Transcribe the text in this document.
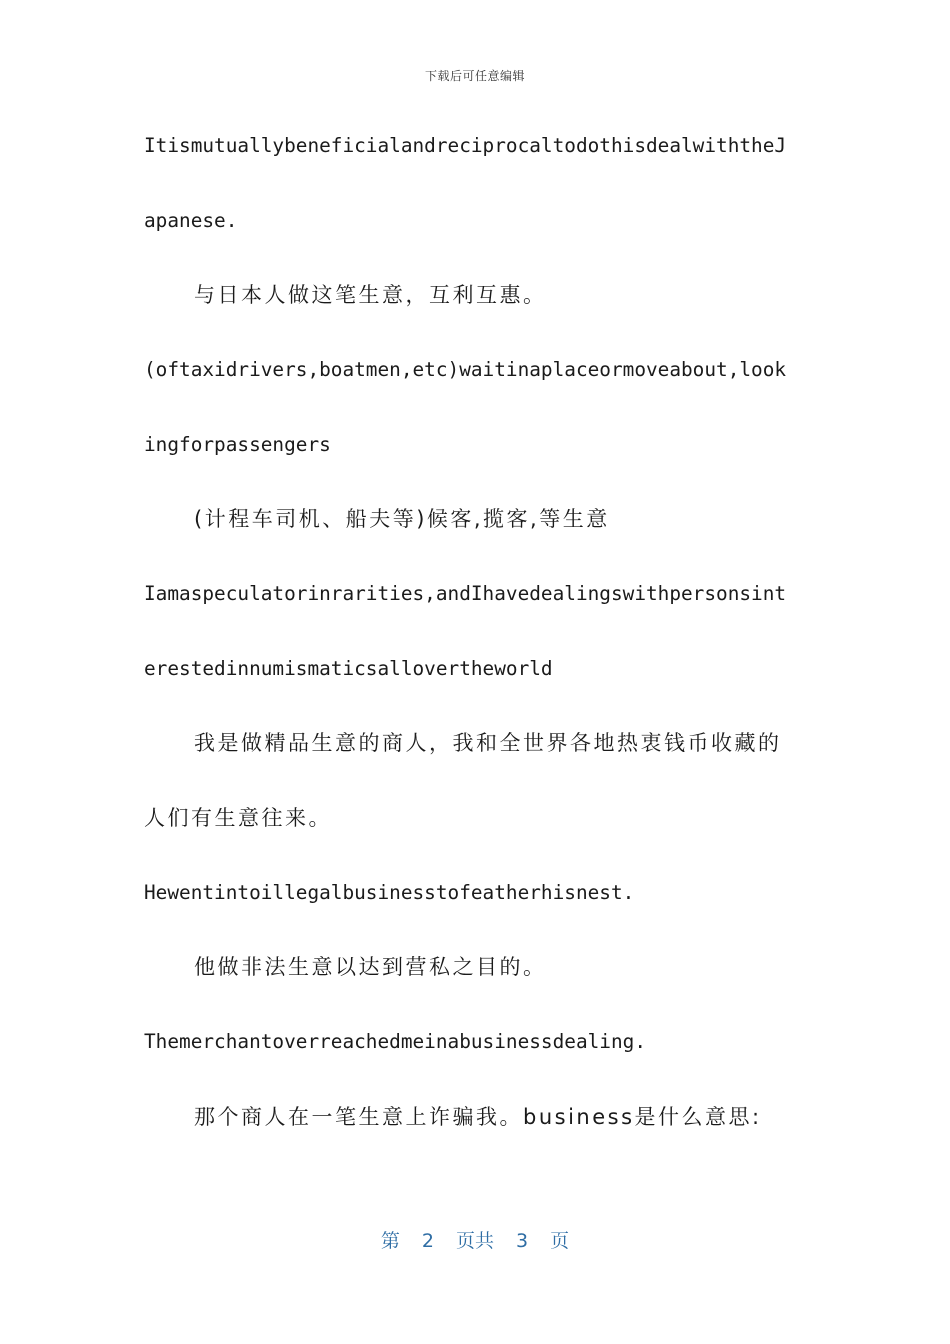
下载后可任意编辑
ItismutuallybeneficialandreciprocaltodothisdealwiththeJ
apanese.
与日本人做这笔生意，互利互惠。
(oftaxidrivers,boatmen,etc)waitinaplaceormoveabout,look
ingforpassengers
(计程车司机、船夫等)候客,揽客,等生意
Iamaspeculatorinrarities,andIhavedealingswithpersonsint
erestedinnumismaticsallovertheworld
我是做精品生意的商人，我和全世界各地热衷钱币收藏的
人们有生意往来。
Hewentintoillegalbusinesstofeatherhisnest.
他做非法生意以达到营私之目的。
Themerchantoverreachedmeinabusinessdealing.
那个商人在一笔生意上诈骗我。business是什么意思:
第 2 页共 3 页
